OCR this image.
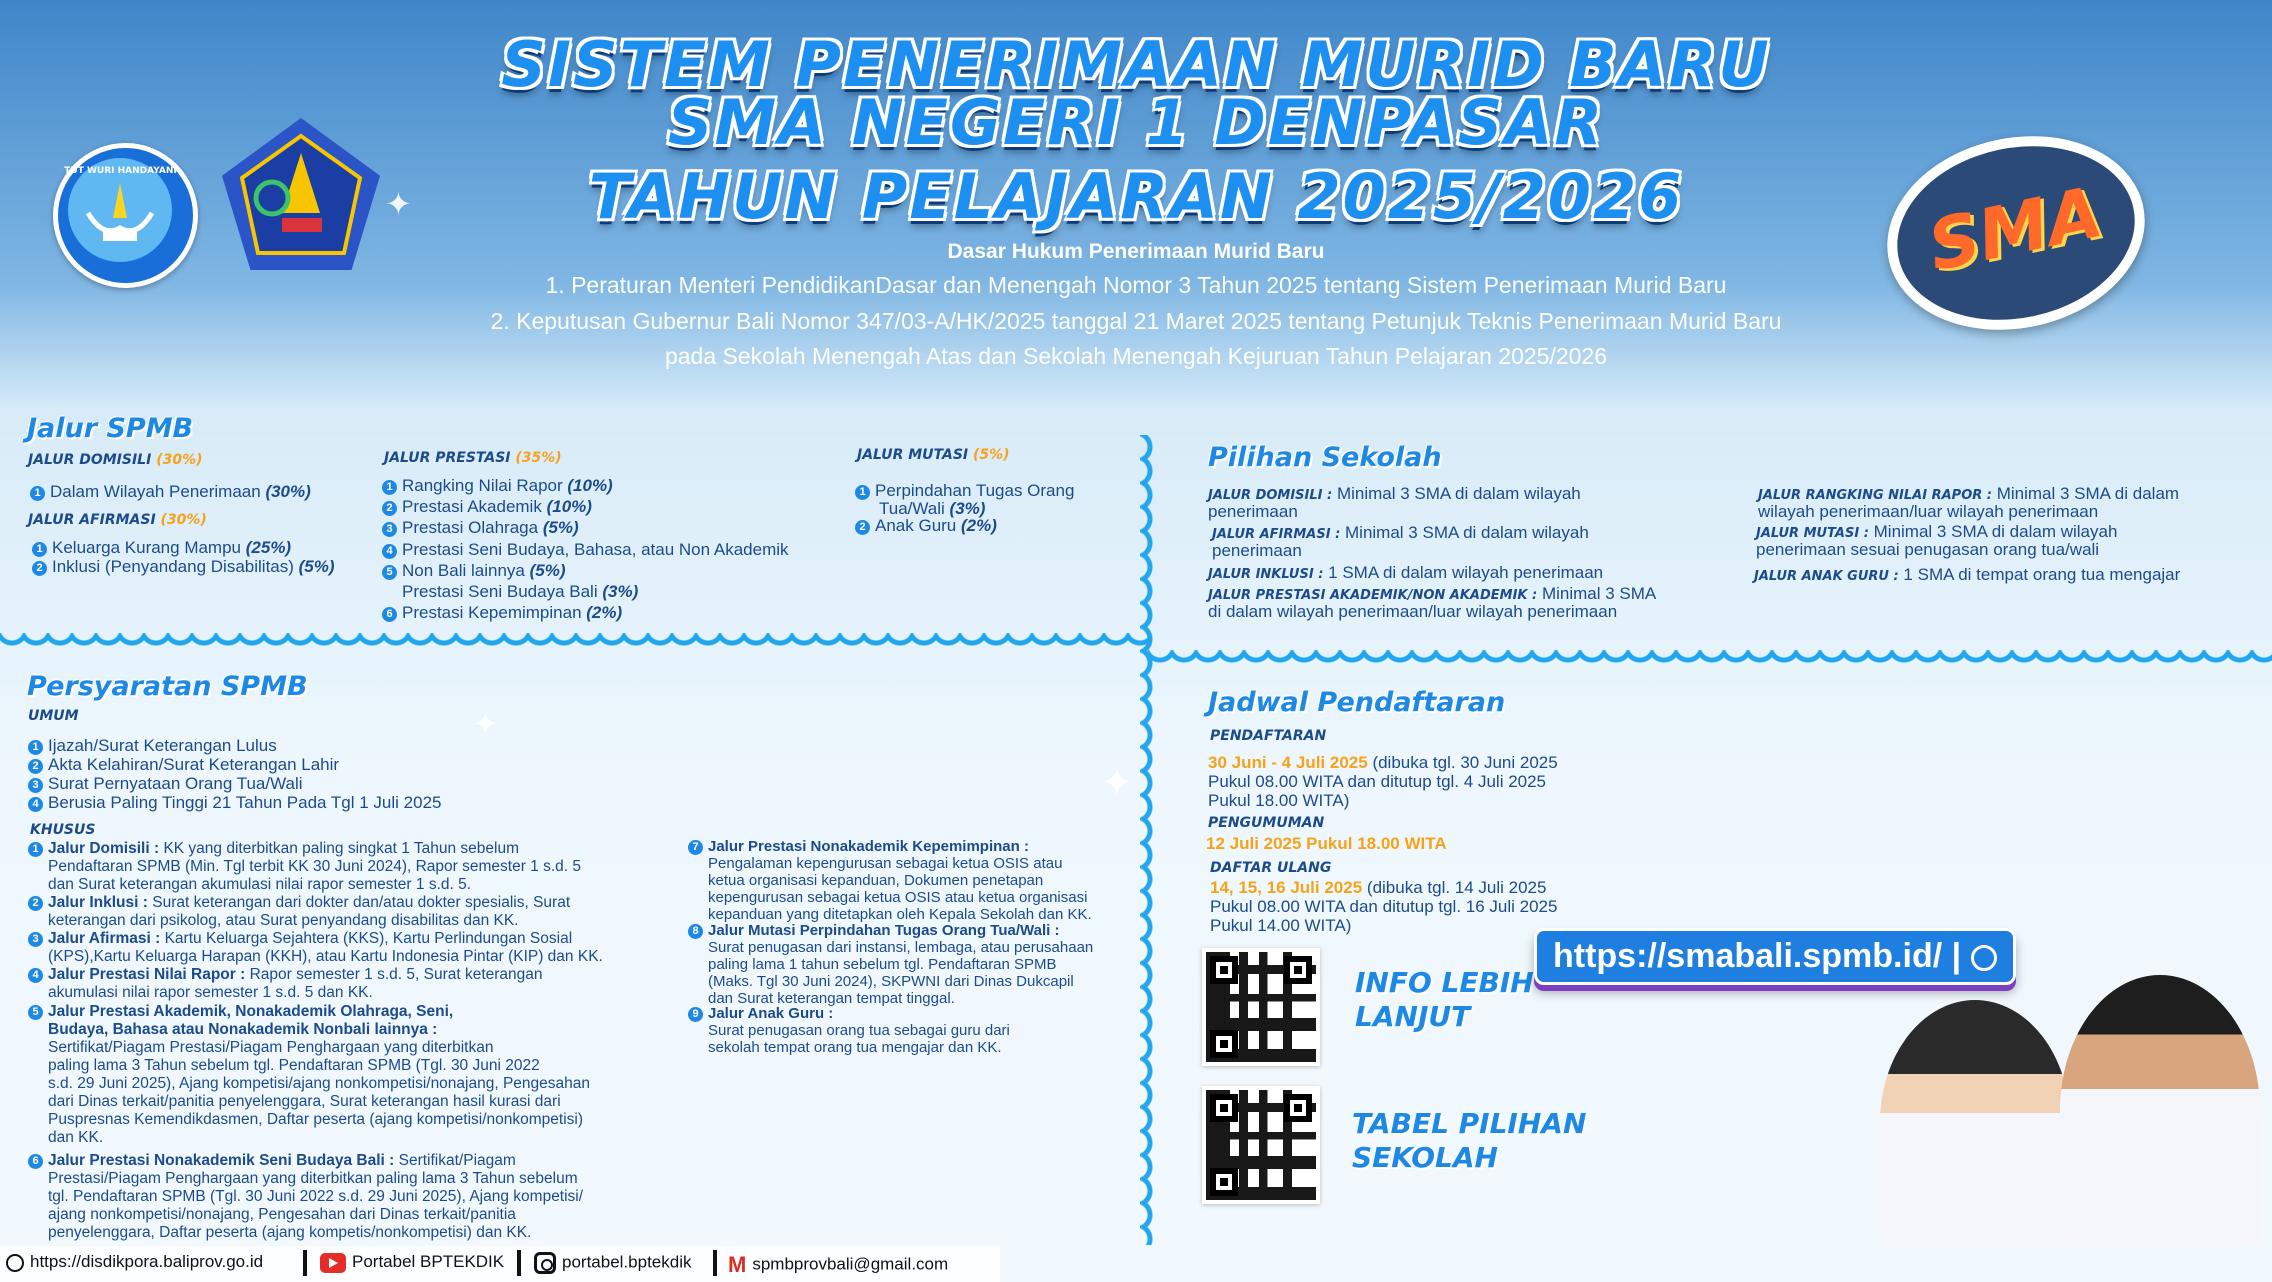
SISTEM PENERIMAAN MURID BARU
SMA NEGERI 1 DENPASAR
TAHUN PELAJARAN 2025/2026
TUT WURI HANDAYANI
Dasar Hukum Penerimaan Murid Baru
1. Peraturan Menteri PendidikanDasar dan Menengah Nomor 3 Tahun 2025 tentang Sistem Penerimaan Murid Baru
2. Keputusan Gubernur Bali Nomor 347/03-A/HK/2025 tanggal 21 Maret 2025 tentang Petunjuk Teknis Penerimaan Murid Baru
pada Sekolah Menengah Atas dan Sekolah Menengah Kejuruan Tahun Pelajaran 2025/2026
SMA
✦
✦
✦
Jalur SPMB
JALUR DOMISILI (30%)
1 Dalam Wilayah Penerimaan (30%)
JALUR AFIRMASI (30%)
1 Keluarga Kurang Mampu (25%)
2 Inklusi (Penyandang Disabilitas) (5%)
JALUR PRESTASI (35%)
1 Rangking Nilai Rapor (10%)
2 Prestasi Akademik (10%)
3 Prestasi Olahraga (5%)
4 Prestasi Seni Budaya, Bahasa, atau Non Akademik
5 Non Bali lainnya (5%)
Prestasi Seni Budaya Bali (3%)
6 Prestasi Kepemimpinan (2%)
JALUR MUTASI (5%)
1 Perpindahan Tugas Orang
Tua/Wali (3%)
2 Anak Guru (2%)
Pilihan Sekolah
JALUR DOMISILI : Minimal 3 SMA di dalam wilayah
penerimaan
JALUR AFIRMASI : Minimal 3 SMA di dalam wilayah
penerimaan
JALUR INKLUSI : 1 SMA di dalam wilayah penerimaan
JALUR PRESTASI AKADEMIK/NON AKADEMIK : Minimal 3 SMA
di dalam wilayah penerimaan/luar wilayah penerimaan
JALUR RANGKING NILAI RAPOR : Minimal 3 SMA di dalam
wilayah penerimaan/luar wilayah penerimaan
JALUR MUTASI : Minimal 3 SMA di dalam wilayah
penerimaan sesuai penugasan orang tua/wali
JALUR ANAK GURU : 1 SMA di tempat orang tua mengajar
Persyaratan SPMB
UMUM
1 Ijazah/Surat Keterangan Lulus
2 Akta Kelahiran/Surat Keterangan Lahir
3 Surat Pernyataan Orang Tua/Wali
4 Berusia Paling Tinggi 21 Tahun Pada Tgl 1 Juli 2025
KHUSUS
1 Jalur Domisili : KK yang diterbitkan paling singkat 1 Tahun sebelum
Pendaftaran SPMB (Min. Tgl terbit KK 30 Juni 2024), Rapor semester 1 s.d. 5
dan Surat keterangan akumulasi nilai rapor semester 1 s.d. 5.
2 Jalur Inklusi : Surat keterangan dari dokter dan/atau dokter spesialis, Surat
keterangan dari psikolog, atau Surat penyandang disabilitas dan KK.
3 Jalur Afirmasi : Kartu Keluarga Sejahtera (KKS), Kartu Perlindungan Sosial
(KPS),Kartu Keluarga Harapan (KKH), atau Kartu Indonesia Pintar (KIP) dan KK.
4 Jalur Prestasi Nilai Rapor : Rapor semester 1 s.d. 5, Surat keterangan
akumulasi nilai rapor semester 1 s.d. 5 dan KK.
5 Jalur Prestasi Akademik, Nonakademik Olahraga, Seni,
Budaya, Bahasa atau Nonakademik Nonbali lainnya :
Sertifikat/Piagam Prestasi/Piagam Penghargaan yang diterbitkan
paling lama 3 Tahun sebelum tgl. Pendaftaran SPMB (Tgl. 30 Juni 2022
s.d. 29 Juni 2025), Ajang kompetisi/ajang nonkompetisi/nonajang, Pengesahan
dari Dinas terkait/panitia penyelenggara, Surat keterangan hasil kurasi dari
Puspresnas Kemendikdasmen, Daftar peserta (ajang kompetisi/nonkompetisi)
dan KK.
6 Jalur Prestasi Nonakademik Seni Budaya Bali : Sertifikat/Piagam
Prestasi/Piagam Penghargaan yang diterbitkan paling lama 3 Tahun sebelum
tgl. Pendaftaran SPMB (Tgl. 30 Juni 2022 s.d. 29 Juni 2025), Ajang kompetisi/
ajang nonkompetisi/nonajang, Pengesahan dari Dinas terkait/panitia
penyelenggara, Daftar peserta (ajang kompetis/nonkompetisi) dan KK.
7 Jalur Prestasi Nonakademik Kepemimpinan :
Pengalaman kepengurusan sebagai ketua OSIS atau
ketua organisasi kepanduan, Dokumen penetapan
kepengurusan sebagai ketua OSIS atau ketua organisasi
kepanduan yang ditetapkan oleh Kepala Sekolah dan KK.
8 Jalur Mutasi Perpindahan Tugas Orang Tua/Wali :
Surat penugasan dari instansi, lembaga, atau perusahaan
paling lama 1 tahun sebelum tgl. Pendaftaran SPMB
(Maks. Tgl 30 Juni 2024), SKPWNI dari Dinas Dukcapil
dan Surat keterangan tempat tinggal.
9 Jalur Anak Guru :
Surat penugasan orang tua sebagai guru dari
sekolah tempat orang tua mengajar dan KK.
Jadwal Pendaftaran
PENDAFTARAN
30 Juni - 4 Juli 2025 (dibuka tgl. 30 Juni 2025
Pukul 08.00 WITA dan ditutup tgl. 4 Juli 2025
Pukul 18.00 WITA)
PENGUMUMAN
12 Juli 2025 Pukul 18.00 WITA
DAFTAR ULANG
14, 15, 16 Juli 2025 (dibuka tgl. 14 Juli 2025
Pukul 08.00 WITA dan ditutup tgl. 16 Juli 2025
Pukul 14.00 WITA)
INFO LEBIH
LANJUT
TABEL PILIHAN
SEKOLAH
https://smabali.spmb.id/ |
https://disdikpora.baliprov.go.id	Portabel BPTEKDIK	portabel.bptekdik M spmbprovbali@gmail.com
